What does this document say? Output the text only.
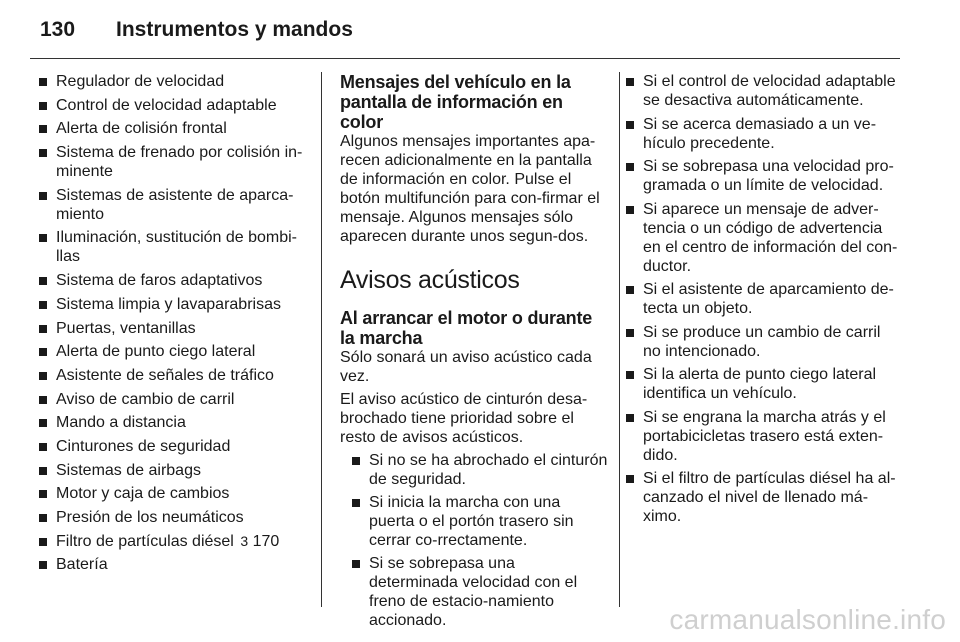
130 Instrumentos y mandos
Regulador de velocidad
Control de velocidad adaptable
Alerta de colisión frontal
Sistema de frenado por colisión in-minente
Sistemas de asistente de aparca-miento
Iluminación, sustitución de bombi-llas
Sistema de faros adaptativos
Sistema limpia y lavaparabrisas
Puertas, ventanillas
Alerta de punto ciego lateral
Asistente de señales de tráfico
Aviso de cambio de carril
Mando a distancia
Cinturones de seguridad
Sistemas de airbags
Motor y caja de cambios
Presión de los neumáticos
Filtro de partículas diésel 3 170
Batería
Mensajes del vehículo en la pantalla de información en color

Algunos mensajes importantes apa-recen adicionalmente en la pantalla de información en color. Pulse el botón multifunción para con-firmar el mensaje. Algunos mensajes sólo aparecen durante unos segun-dos.

Avisos acústicos
Al arrancar el motor o durante la marcha

Sólo sonará un aviso acústico cada vez.

El aviso acústico de cinturón desa-brochado tiene prioridad sobre el resto de avisos acústicos.

Si no se ha abrochado el cinturón de seguridad.
Si inicia la marcha con una puerta o el portón trasero sin cerrar co-rrectamente.
Si se sobrepasa una determinada velocidad con el freno de estacio-namiento accionado.
Si el control de velocidad adaptable se desactiva automáticamente.
Si se acerca demasiado a un ve-hículo precedente.
Si se sobrepasa una velocidad pro-gramada o un límite de velocidad.
Si aparece un mensaje de adver-tencia o un código de advertencia en el centro de información del con-ductor.
Si el asistente de aparcamiento de-tecta un objeto.
Si se produce un cambio de carril no intencionado.
Si la alerta de punto ciego lateral identifica un vehículo.
Si se engrana la marcha atrás y el portabicicletas trasero está exten-dido.
Si el filtro de partículas diésel ha al-canzado el nivel de llenado má-ximo.
carmanualsonline.info
